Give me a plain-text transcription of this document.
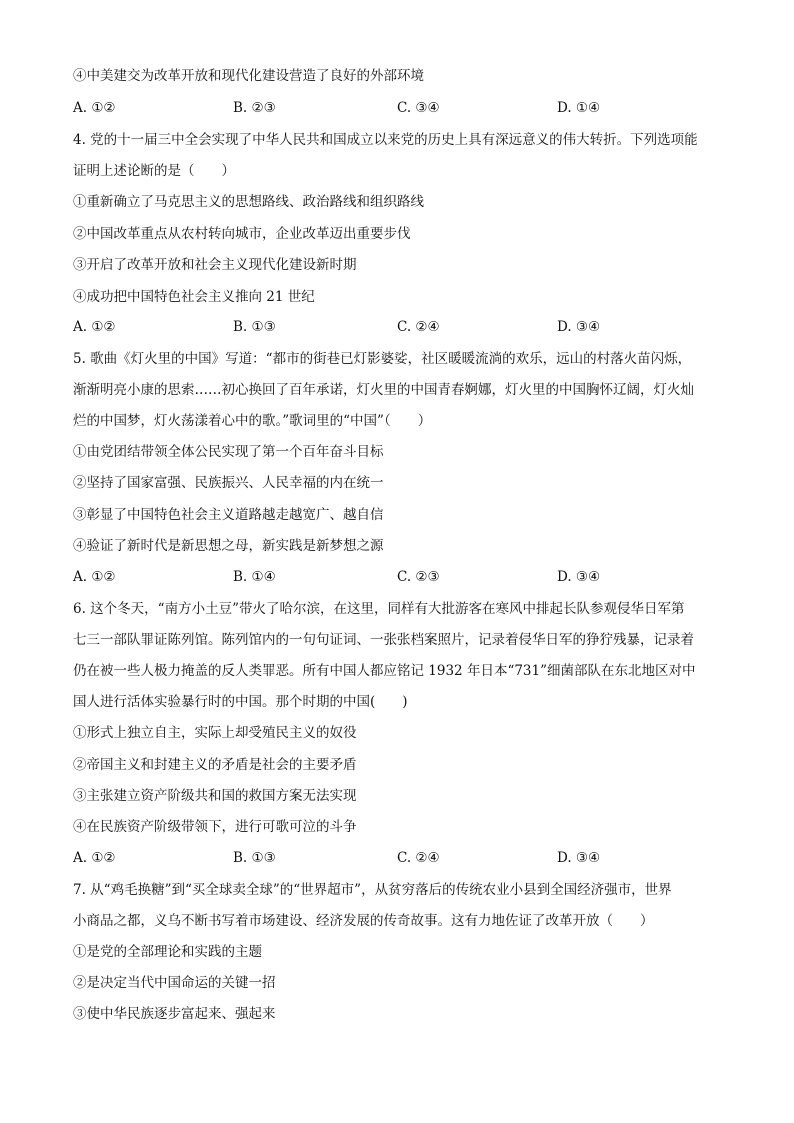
④中美建交为改革开放和现代化建设营造了良好的外部环境
A. ①②	B. ②③	C. ③④	D. ①④
4. 党的十一届三中全会实现了中华人民共和国成立以来党的历史上具有深远意义的伟大转折。下列选项能
证明上述论断的是（　　）
①重新确立了马克思主义的思想路线、政治路线和组织路线
②中国改革重点从农村转向城市，企业改革迈出重要步伐
③开启了改革开放和社会主义现代化建设新时期
④成功把中国特色社会主义推向 21 世纪
A. ①②	B. ①③	C. ②④	D. ③④
5. 歌曲《灯火里的中国》写道：“都市的街巷已灯影婆娑，社区暖暖流淌的欢乐，远山的村落火苗闪烁，
渐渐明亮小康的思索……初心换回了百年承诺，灯火里的中国青春婀娜，灯火里的中国胸怀辽阔，灯火灿
烂的中国梦，灯火荡漾着心中的歌。”歌词里的“中国”（　　）
①由党团结带领全体公民实现了第一个百年奋斗目标
②坚持了国家富强、民族振兴、人民幸福的内在统一
③彰显了中国特色社会主义道路越走越宽广、越自信
④验证了新时代是新思想之母，新实践是新梦想之源
A. ①②	B. ①④	C. ②③	D. ③④
6. 这个冬天，“南方小土豆”带火了哈尔滨，在这里，同样有大批游客在寒风中排起长队参观侵华日军第
七三一部队罪证陈列馆。陈列馆内的一句句证词、一张张档案照片，记录着侵华日军的狰狞残暴，记录着
仍在被一些人极力掩盖的反人类罪恶。所有中国人都应铭记 1932 年日本“731”细菌部队在东北地区对中
国人进行活体实验暴行时的中国。那个时期的中国(　　)
①形式上独立自主，实际上却受殖民主义的奴役
②帝国主义和封建主义的矛盾是社会的主要矛盾
③主张建立资产阶级共和国的救国方案无法实现
④在民族资产阶级带领下，进行可歌可泣的斗争
A. ①②	B. ①③	C. ②④	D. ③④
7. 从“鸡毛换糖”到“买全球卖全球”的“世界超市”，从贫穷落后的传统农业小县到全国经济强市，世界
小商品之都，义乌不断书写着市场建设、经济发展的传奇故事。这有力地佐证了改革开放（　　）
①是党的全部理论和实践的主题
②是决定当代中国命运的关键一招
③使中华民族逐步富起来、强起来
